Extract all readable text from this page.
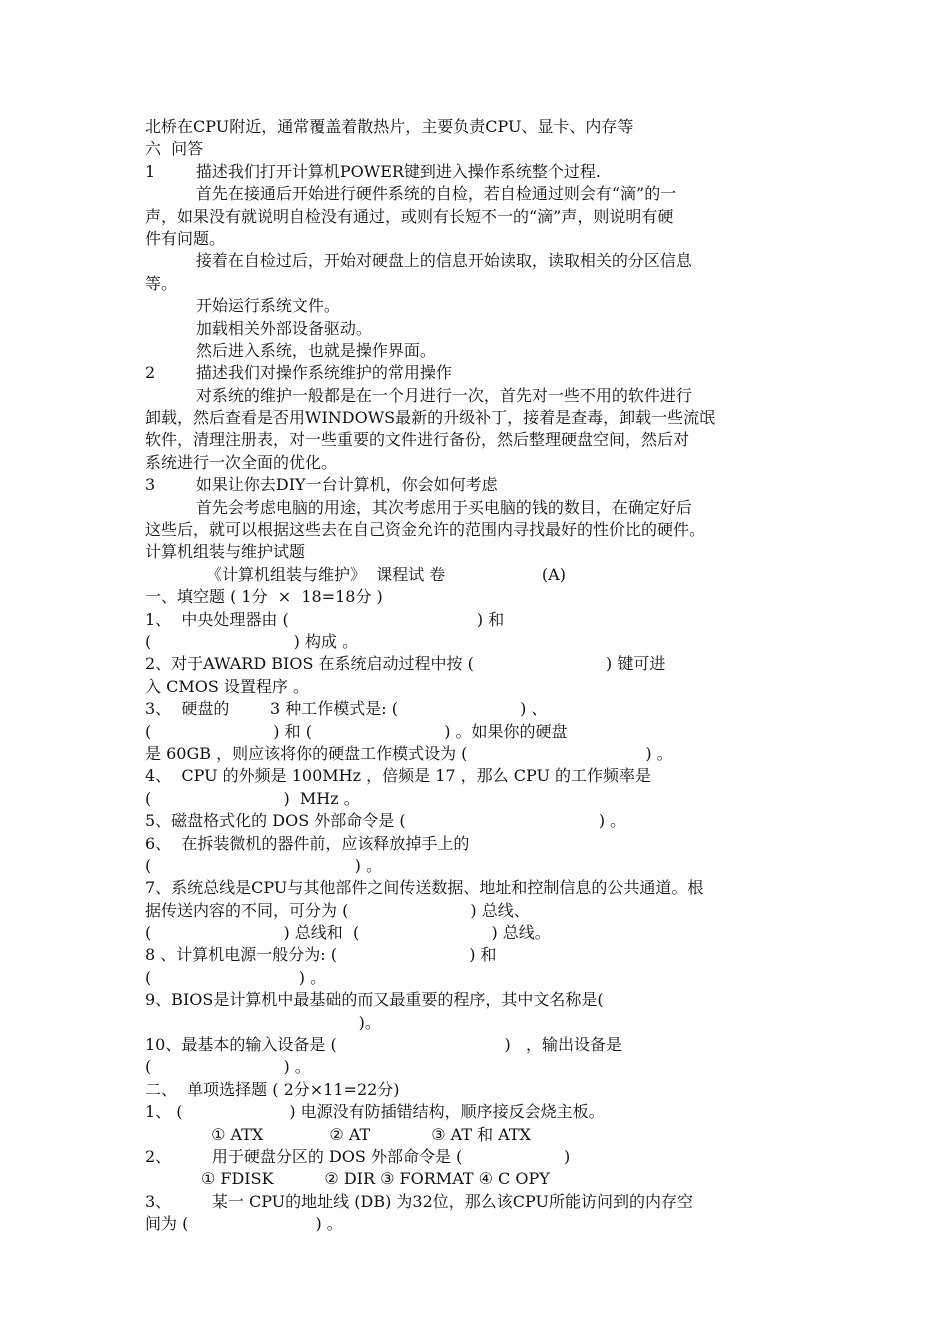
北桥在CPU附近，通常覆盖着散热片，主要负责CPU、显卡、内存等
六  问答
1        描述我们打开计算机POWER键到进入操作系统整个过程.
首先在接通后开始进行硬件系统的自检，若自检通过则会有“滴”的一
声，如果没有就说明自检没有通过，或则有长短不一的“滴”声，则说明有硬
件有问题。
接着在自检过后，开始对硬盘上的信息开始读取，读取相关的分区信息
等。
开始运行系统文件。
加载相关外部设备驱动。
然后进入系统，也就是操作界面。
2        描述我们对操作系统维护的常用操作
对系统的维护一般都是在一个月进行一次，首先对一些不用的软件进行
卸载，然后查看是否用WINDOWS最新的升级补丁，接着是查毒，卸载一些流氓
软件，清理注册表，对一些重要的文件进行备份，然后整理硬盘空间，然后对
系统进行一次全面的优化。
3        如果让你去DIY一台计算机，你会如何考虑
首先会考虑电脑的用途，其次考虑用于买电脑的钱的数目，在确定好后
这些后，就可以根据这些去在自己资金允许的范围内寻找最好的性价比的硬件。
计算机组装与维护试题
《计算机组装与维护》  课程试 卷                   (A)
一、填空题 ( 1分  ×  18=18分 )
1、  中央处理器由 (                                     ) 和
(                            ) 构成 。
2、对于AWARD BIOS 在系统启动过程中按 (                          ) 键可进
入 CMOS 设置程序 。
3、  硬盘的        3 种工作模式是: (                        ) 、
(                        ) 和 (                          ) 。如果你的硬盘
是 60GB ，则应该将你的硬盘工作模式设为 (                                   ) 。
4、  CPU 的外频是 100MHz ，倍频是 17 ，那么 CPU 的工作频率是
(                          )  MHz 。
5、磁盘格式化的 DOS 外部命令是 (                                      ) 。
6、  在拆装微机的器件前，应该释放掉手上的
(                                        ) 。
7、系统总线是CPU与其他部件之间传送数据、地址和控制信息的公共通道。根
据传送内容的不同，可分为 (                        ) 总线、
(                          ) 总线和  (                          ) 总线。
8 、计算机电源一般分为: (                          ) 和
(                             ) 。
9、BIOS是计算机中最基础的而又最重要的程序，其中文名称是(
)。
10、最基本的输入设备是 (                                 )   ，输出设备是
(                          ) 。
二、  单项选择题 ( 2分×11=22分)
1、 (                     ) 电源没有防插错结构，顺序接反会烧主板。
① ATX             ② AT            ③ AT 和 ATX
2、        用于硬盘分区的 DOS 外部命令是 (                    )
① FDISK          ② DIR ③ FORMAT ④ C OPY
3、        某一 CPU的地址线 (DB) 为32位，那么该CPU所能访问到的内存空
间为 (                         ) 。
